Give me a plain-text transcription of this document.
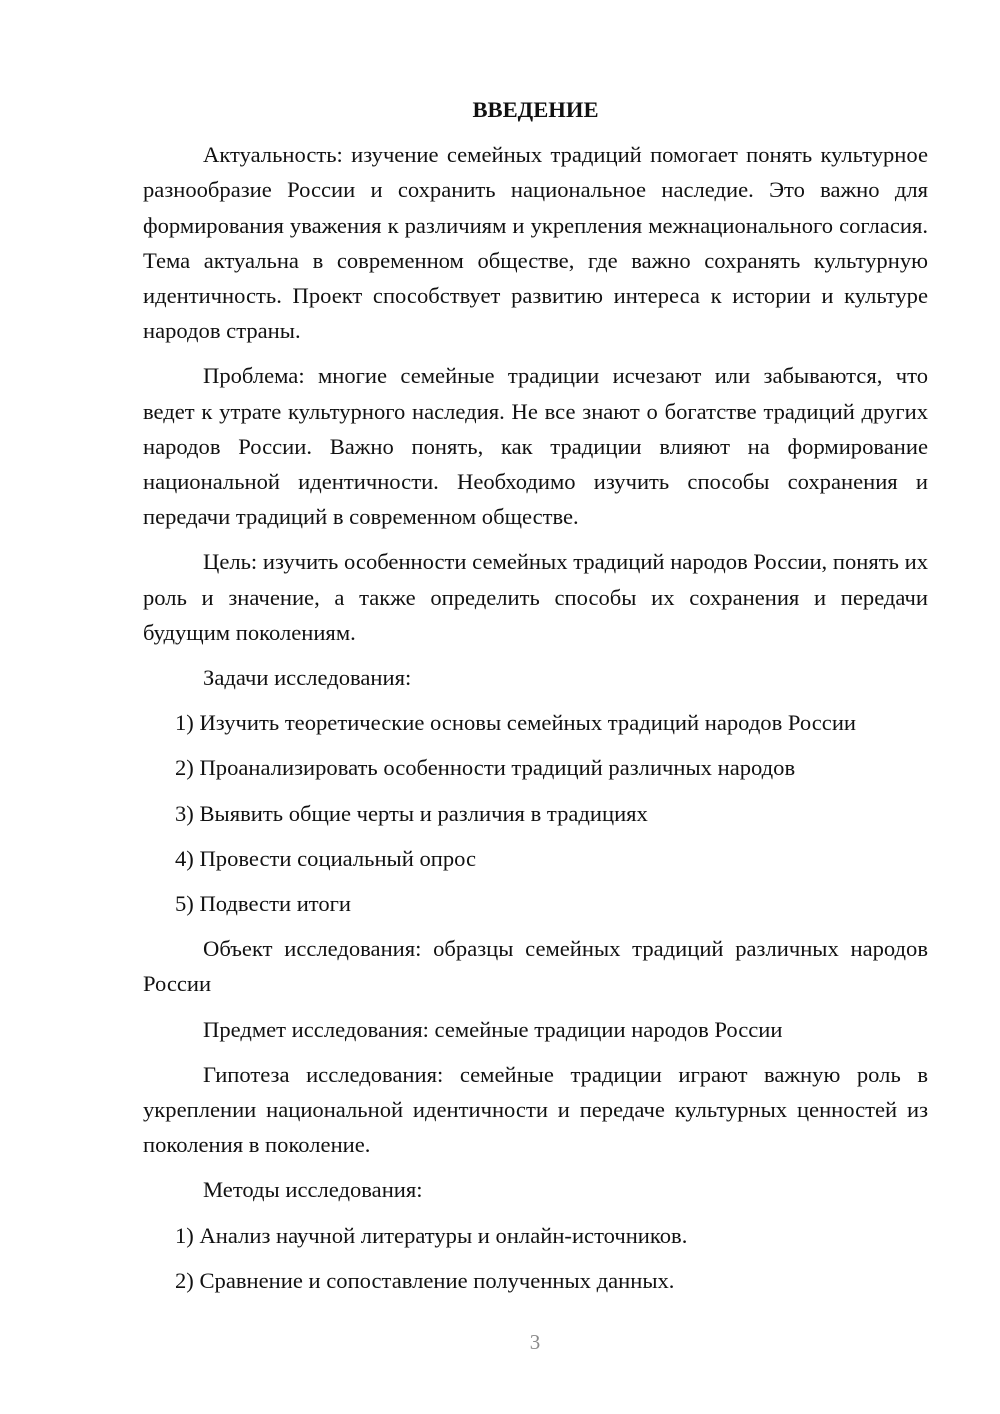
ВВЕДЕНИЕ

Актуальность: изучение семейных традиций помогает понять культурное разнообразие России и сохранить национальное наследие. Это важно для формирования уважения к различиям и укрепления межнационального согласия. Тема актуальна в современном обществе, где важно сохранять культурную идентичность. Проект способствует развитию интереса к истории и культуре народов страны.

Проблема: многие семейные традиции исчезают или забываются, что ведет к утрате культурного наследия. Не все знают о богатстве традиций других народов России. Важно понять, как традиции влияют на формирование национальной идентичности. Необходимо изучить способы сохранения и передачи традиций в современном обществе.

Цель: изучить особенности семейных традиций народов России, понять их роль и значение, а также определить способы их сохранения и передачи будущим поколениям.

Задачи исследования:

1) Изучить теоретические основы семейных традиций народов России

2) Проанализировать особенности традиций различных народов

3) Выявить общие черты и различия в традициях

4) Провести социальный опрос

5) Подвести итоги

Объект исследования: образцы семейных традиций различных народов России

Предмет исследования: семейные традиции народов России

Гипотеза исследования: семейные традиции играют важную роль в укреплении национальной идентичности и передаче культурных ценностей из поколения в поколение.

Методы исследования:

1) Анализ научной литературы и онлайн-источников.

2) Сравнение и сопоставление полученных данных.

3
